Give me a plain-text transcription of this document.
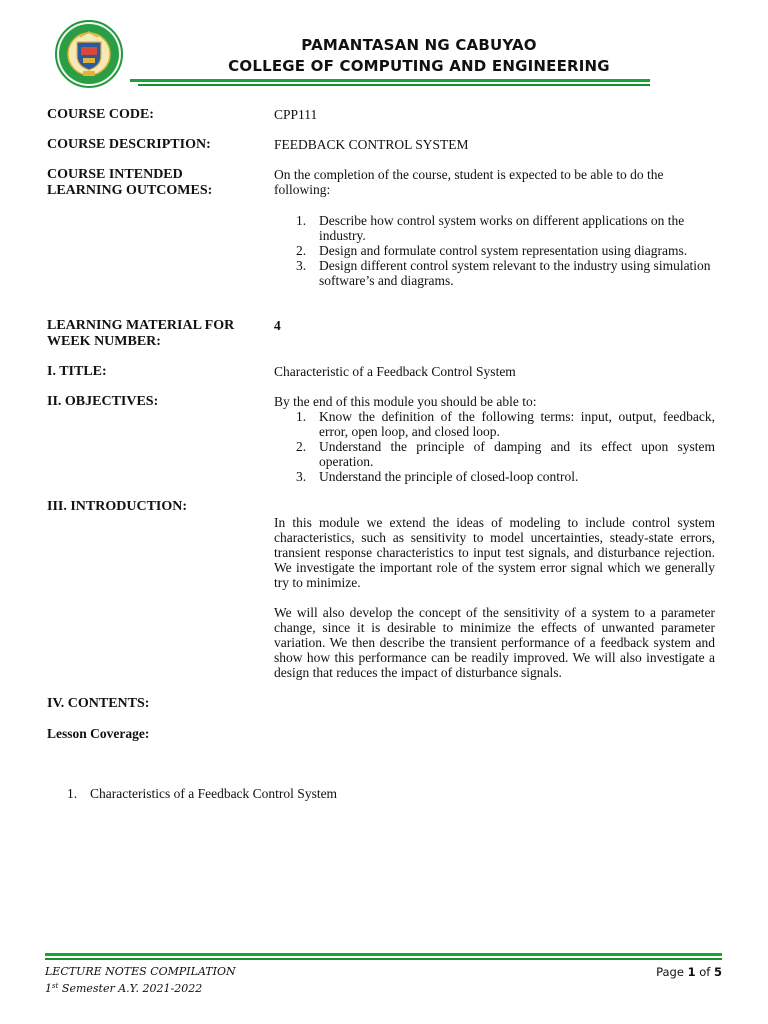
PAMANTASAN NG CABUYAO
COLLEGE OF COMPUTING AND ENGINEERING
COURSE CODE:	CPP111
COURSE DESCRIPTION:	FEEDBACK CONTROL SYSTEM
COURSE INTENDED
LEARNING OUTCOMES:
On the completion of the course, student is expected to be able to do the following:
1. Describe how control system works on different applications on the industry.
2. Design and formulate control system representation using diagrams.
3. Design different control system relevant to the industry using simulation software’s and diagrams.
LEARNING MATERIAL FOR
WEEK NUMBER:
4
I. TITLE:	Characteristic of a Feedback Control System
II. OBJECTIVES:	By the end of this module you should be able to:
1. Know the definition of the following terms: input, output, feedback, error, open loop, and closed loop.
2. Understand the principle of damping and its effect upon system operation.
3. Understand the principle of closed-loop control.
III. INTRODUCTION:
In this module we extend the ideas of modeling to include control system characteristics, such as sensitivity to model uncertainties, steady-state errors, transient response characteristics to input test signals, and disturbance rejection. We investigate the important role of the system error signal which we generally try to minimize.
We will also develop the concept of the sensitivity of a system to a parameter change, since it is desirable to minimize the effects of unwanted parameter variation. We then describe the transient performance of a feedback system and show how this performance can be readily improved. We will also investigate a design that reduces the impact of disturbance signals.
IV. CONTENTS:
Lesson Coverage:
1. Characteristics of a Feedback Control System
LECTURE NOTES COMPILATION
1st Semester A.Y. 2021-2022
Page 1 of 5
